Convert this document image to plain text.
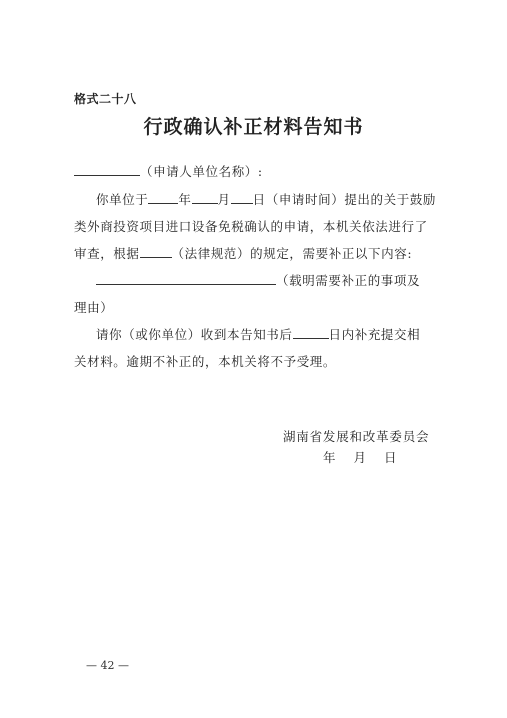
格式二十八
行政确认补正材料告知书
（申请人单位名称）:
你单位于 年 月 日（申请时间）提出的关于鼓励
类外商投资项目进口设备免税确认的申请，本机关依法进行了
审查，根据	（法律规范）的规定，需要补正以下内容:
（载明需要补正的事项及
理由）
请你（或你单位）收到本告知书后	日内补充提交相
关材料。逾期不补正的，本机关将不予受理。
湖南省发展和改革委员会
年 月 日
— 42 —
